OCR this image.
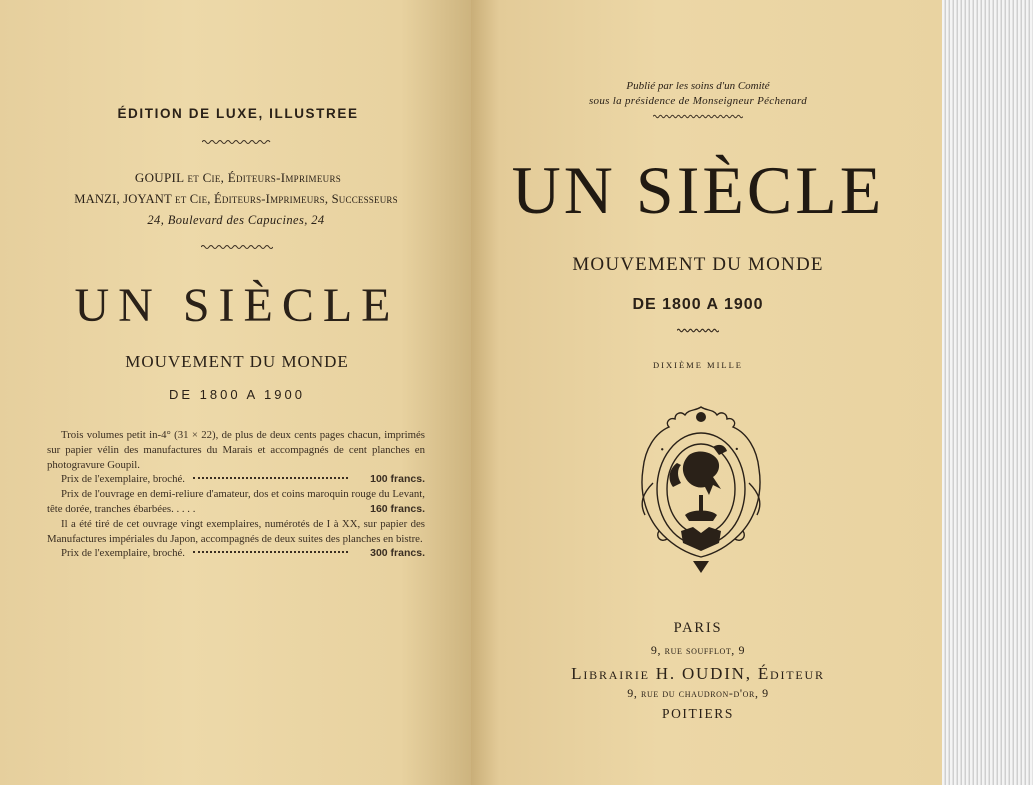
ÉDITION DE LUXE, ILLUSTREE
GOUPIL et Cie, Éditeurs-Imprimeurs
MANZI, JOYANT et Cie, Éditeurs-Imprimeurs, Successeurs
24, Boulevard des Capucines, 24
UN SIÈCLE
MOUVEMENT DU MONDE
DE 1800 A 1900

Trois volumes petit in-4° (31 × 22), de plus de deux cents pages chacun, imprimés sur papier vélin des manufactures du Marais et accompagnés de cent planches en photogravure Goupil.

Prix de l'exemplaire, broché.	100 francs.

Prix de l'ouvrage en demi-reliure d'amateur, dos et coins maroquin rouge du Levant, tête dorée, tranches ébarbées. . . . .	160 francs.

Il a été tiré de cet ouvrage vingt exemplaires, numérotés de I à XX, sur papier des Manufactures impériales du Japon, accompagnés de deux suites des planches en bistre.

Prix de l'exemplaire, broché.	300 francs.
Publié par les soins d'un Comité
sous la présidence de Monseigneur Péchenard
UN SIÈCLE
MOUVEMENT DU MONDE
DE 1800 A 1900
DIXIÈME MILLE
•	•
PARIS
9, rue soufflot, 9
Librairie H. OUDIN, Éditeur
9, rue du chaudron-d'or, 9
POITIERS
